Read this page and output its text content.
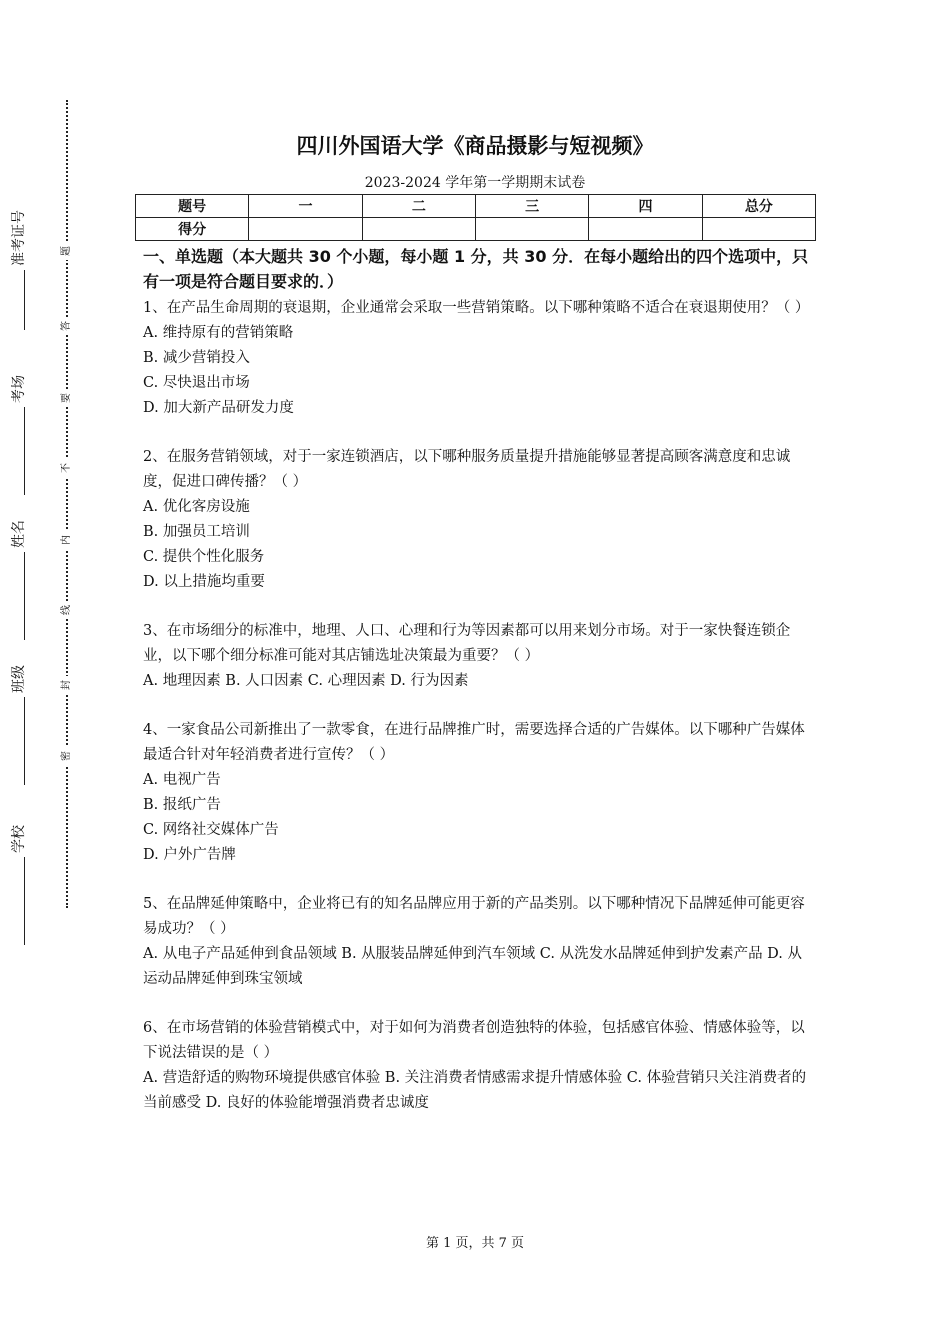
准考证号
考场
姓名
班级
学校
题
答
要
不
内
线
封
密
四川外国语大学《商品摄影与短视频》
2023-2024 学年第一学期期末试卷
题号	一	二	三	四	总分
得分					

一、单选题（本大题共 30 个小题，每小题 1 分，共 30 分．在每小题给出的四个选项中，只有一项是符合题目要求的．）

1、在产品生命周期的衰退期，企业通常会采取一些营销策略。以下哪种策略不适合在衰退期使用？（ ）

A. 维持原有的营销策略

B. 减少营销投入

C. 尽快退出市场

D. 加大新产品研发力度

2、在服务营销领域，对于一家连锁酒店，以下哪种服务质量提升措施能够显著提高顾客满意度和忠诚度，促进口碑传播？（ ）

A. 优化客房设施

B. 加强员工培训

C. 提供个性化服务

D. 以上措施均重要

3、在市场细分的标准中，地理、人口、心理和行为等因素都可以用来划分市场。对于一家快餐连锁企业，以下哪个细分标准可能对其店铺选址决策最为重要？（ ）

A. 地理因素 B. 人口因素 C. 心理因素 D. 行为因素

4、一家食品公司新推出了一款零食，在进行品牌推广时，需要选择合适的广告媒体。以下哪种广告媒体最适合针对年轻消费者进行宣传？（ ）

A. 电视广告

B. 报纸广告

C. 网络社交媒体广告

D. 户外广告牌

5、在品牌延伸策略中，企业将已有的知名品牌应用于新的产品类别。以下哪种情况下品牌延伸可能更容易成功？（ ）

A. 从电子产品延伸到食品领域 B. 从服装品牌延伸到汽车领域 C. 从洗发水品牌延伸到护发素产品 D. 从运动品牌延伸到珠宝领域

6、在市场营销的体验营销模式中，对于如何为消费者创造独特的体验，包括感官体验、情感体验等，以下说法错误的是（ ）

A. 营造舒适的购物环境提供感官体验 B. 关注消费者情感需求提升情感体验 C. 体验营销只关注消费者的当前感受 D. 良好的体验能增强消费者忠诚度

第 1 页，共 7 页
